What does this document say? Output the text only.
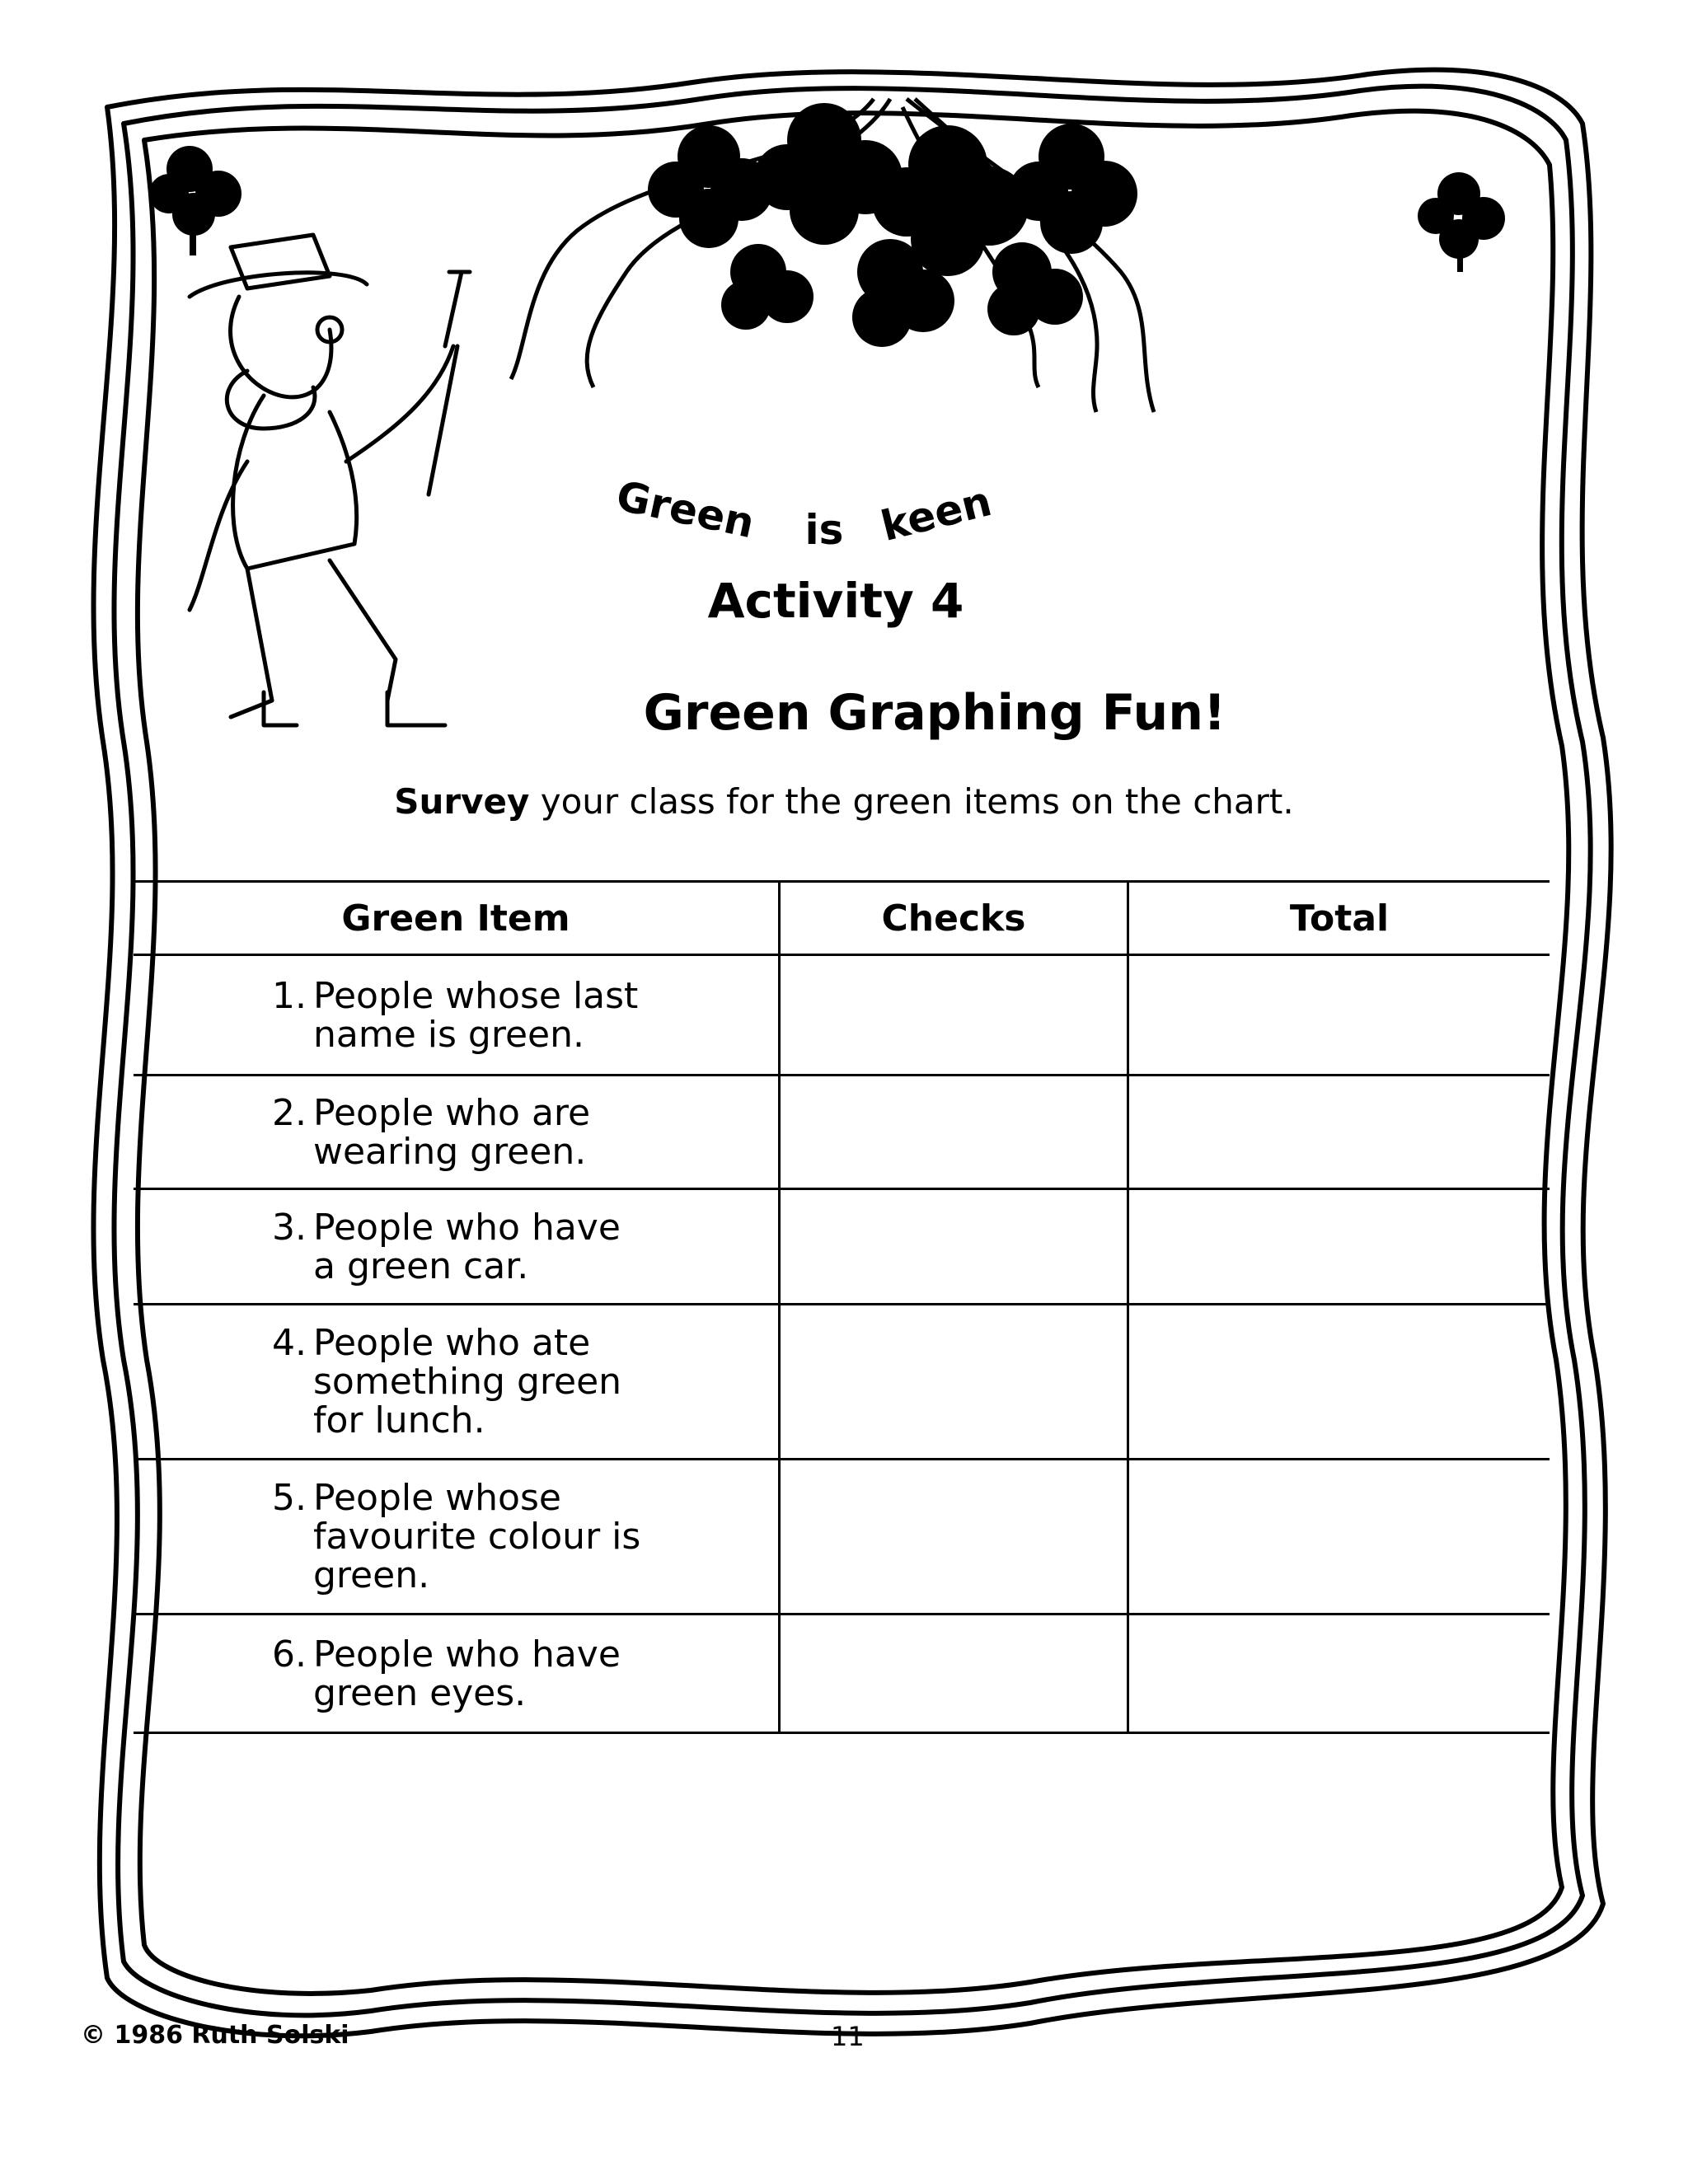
Green is keen
Activity 4
Green Graphing Fun!
Survey your class for the green items on the chart.
Green Item	Checks	Total

1. People whose last
name is green.		

2. People who are
wearing green.		

3. People who have
a green car.		

4. People who ate
something green
for lunch.		

5. People whose
favourite colour is
green.		

6. People who have
green eyes.		

© 1986 Ruth Solski	11
